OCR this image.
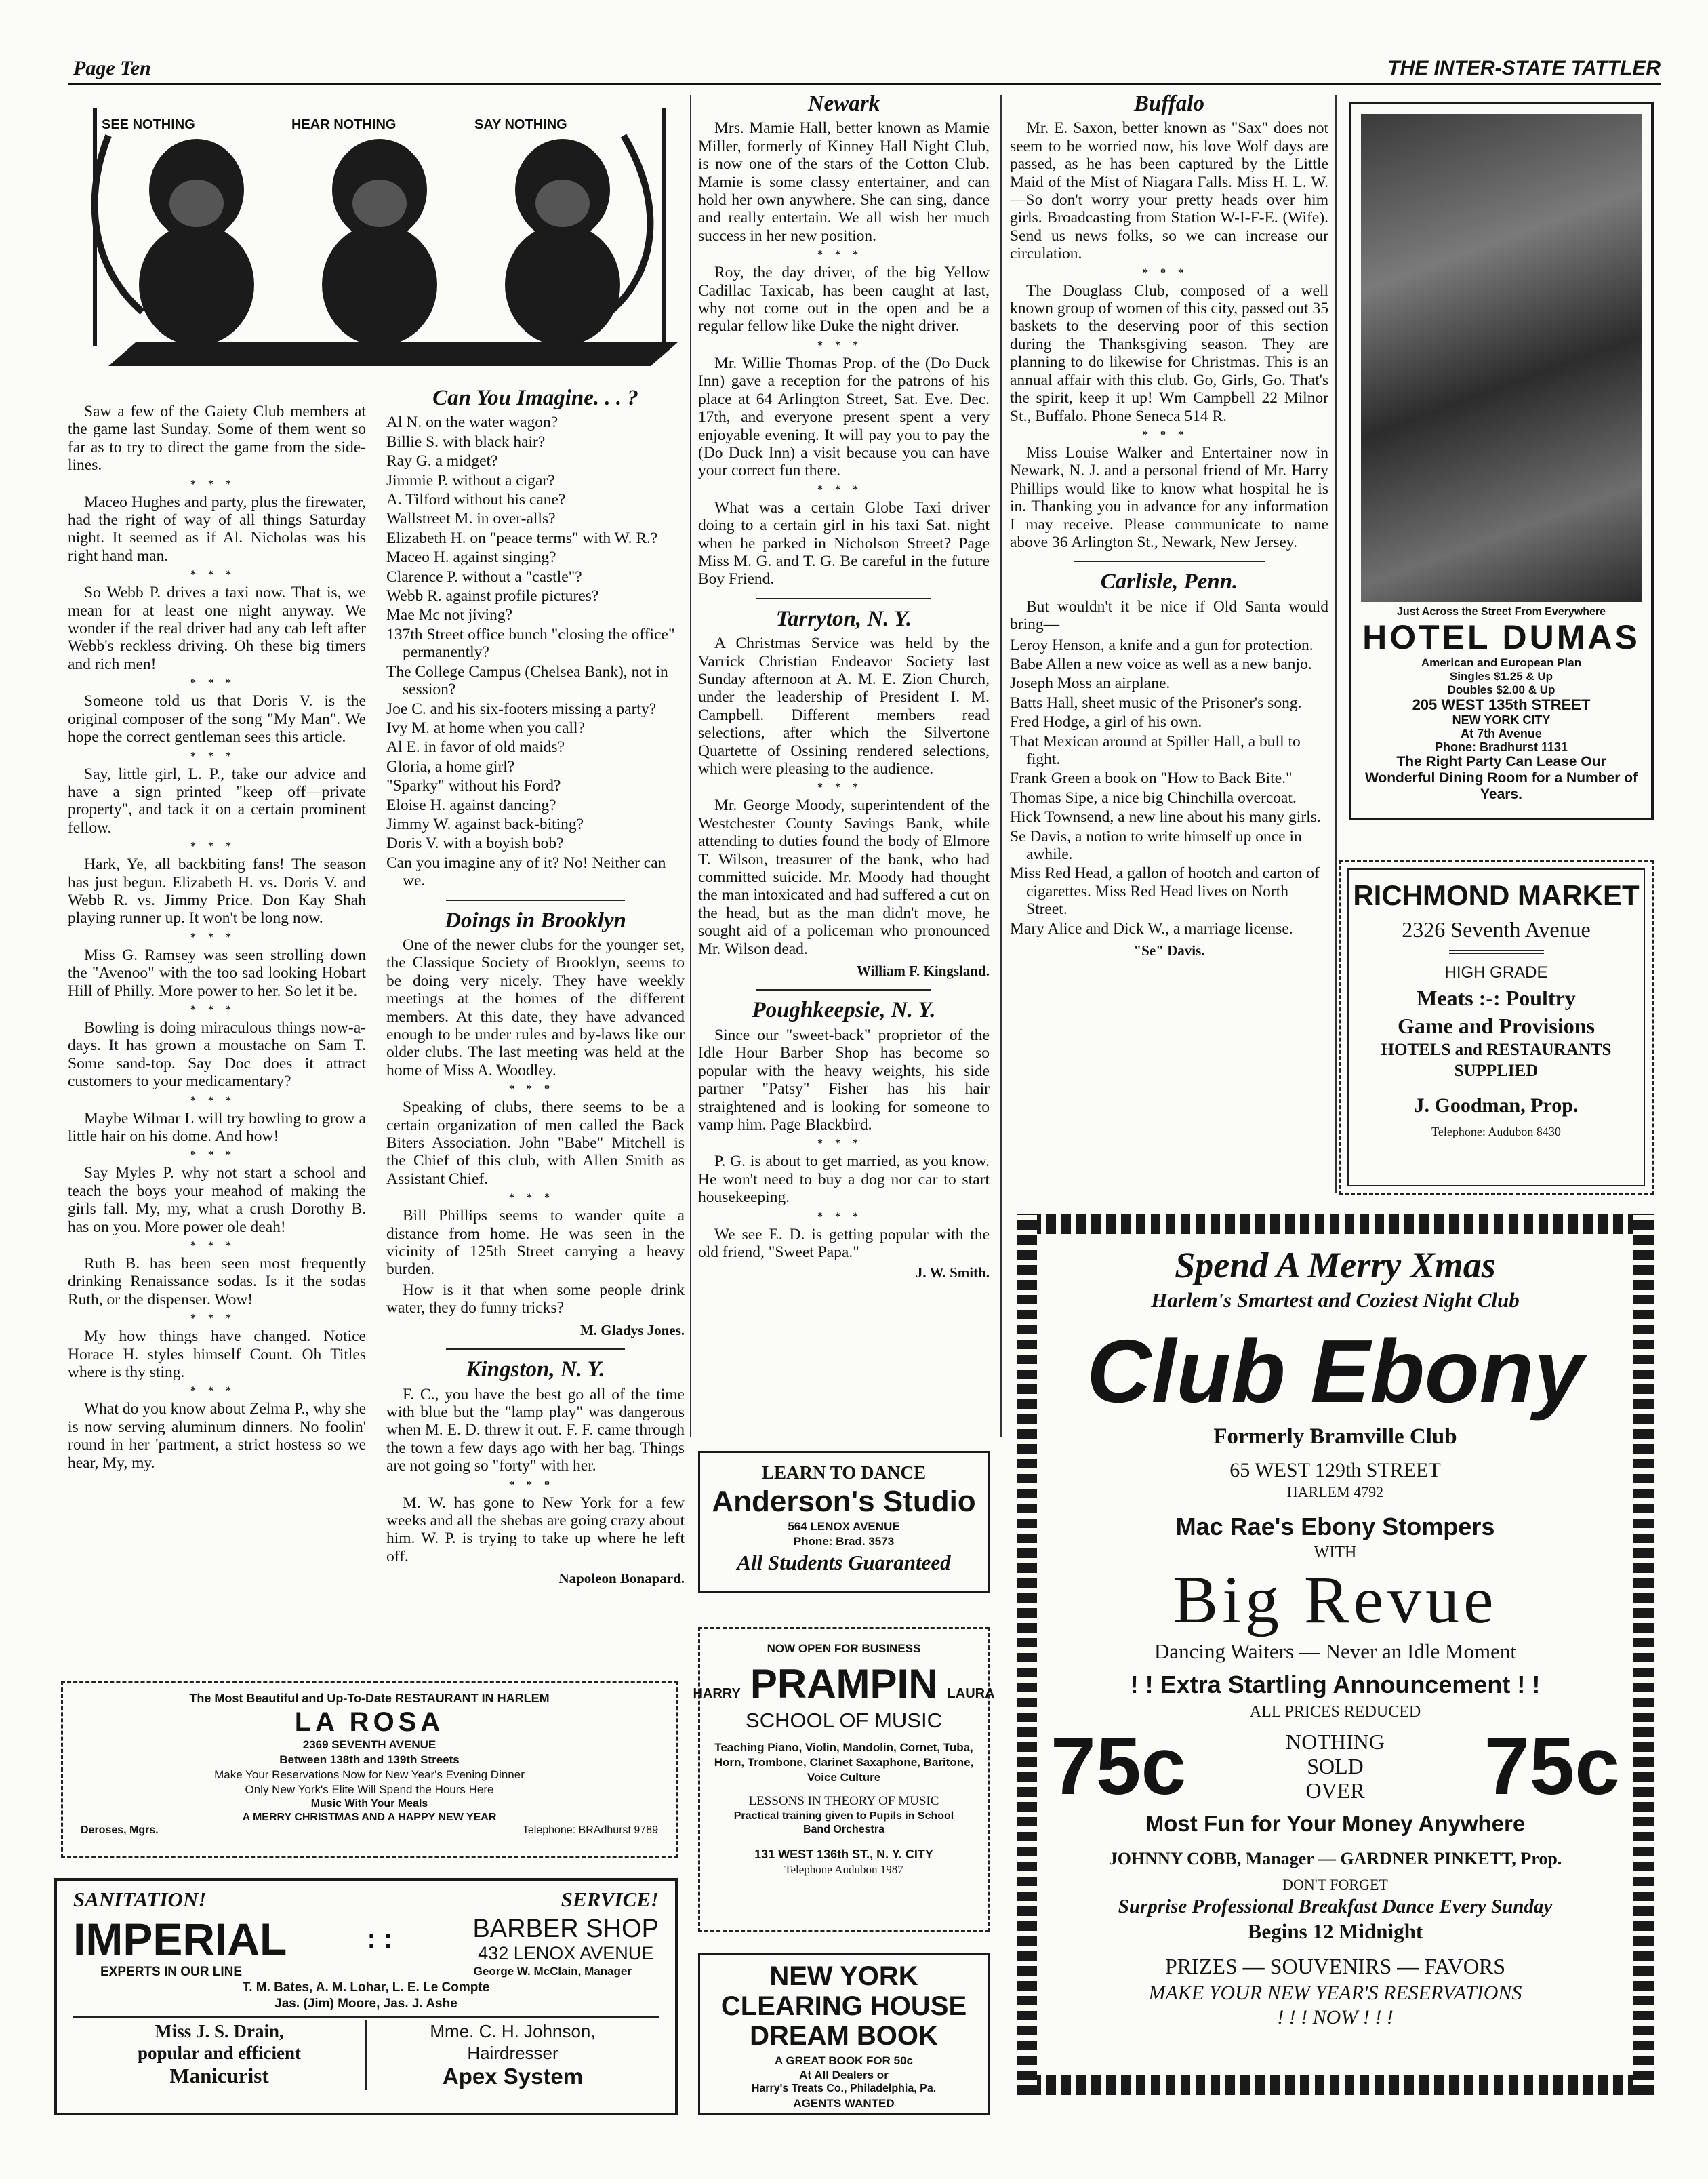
Page Ten	THE INTER-STATE TATTLER
SEE NOTHING	HEAR NOTHING	SAY NOTHING

Saw a few of the Gaiety Club members at the game last Sunday. Some of them went so far as to try to direct the game from the side-lines.

***

Maceo Hughes and party, plus the firewater, had the right of way of all things Saturday night. It seemed as if Al. Nicholas was his right hand man.

***

So Webb P. drives a taxi now. That is, we mean for at least one night anyway. We wonder if the real driver had any cab left after Webb's reckless driving. Oh these big timers and rich men!

***

Someone told us that Doris V. is the original composer of the song "My Man". We hope the correct gentleman sees this article.

***

Say, little girl, L. P., take our advice and have a sign printed "keep off—private property", and tack it on a certain prominent fellow.

***

Hark, Ye, all backbiting fans! The season has just begun. Elizabeth H. vs. Doris V. and Webb R. vs. Jimmy Price. Don Kay Shah playing runner up. It won't be long now.

***

Miss G. Ramsey was seen strolling down the "Avenoo" with the too sad looking Hobart Hill of Philly. More power to her. So let it be.

***

Bowling is doing miraculous things now-a-days. It has grown a moustache on Sam T. Some sand-top. Say Doc does it attract customers to your medicamentary?

***

Maybe Wilmar L will try bowling to grow a little hair on his dome. And how!

***

Say Myles P. why not start a school and teach the boys your meahod of making the girls fall. My, my, what a crush Dorothy B. has on you. More power ole deah!

***

Ruth B. has been seen most frequently drinking Renaissance sodas. Is it the sodas Ruth, or the dispenser. Wow!

***

My how things have changed. Notice Horace H. styles himself Count. Oh Titles where is thy sting.

***

What do you know about Zelma P., why she is now serving aluminum dinners. No foolin' round in her 'partment, a strict hostess so we hear, My, my.

Can You Imagine. . . ?

Al N. on the water wagon?

Billie S. with black hair?

Ray G. a midget?

Jimmie P. without a cigar?

A. Tilford without his cane?

Wallstreet M. in over-alls?

Elizabeth H. on "peace terms" with W. R.?

Maceo H. against singing?

Clarence P. without a "castle"?

Webb R. against profile pictures?

Mae Mc not jiving?

137th Street office bunch "closing the office" permanently?

The College Campus (Chelsea Bank), not in session?

Joe C. and his six-footers missing a party?

Ivy M. at home when you call?

Al E. in favor of old maids?

Gloria, a home girl?

"Sparky" without his Ford?

Eloise H. against dancing?

Jimmy W. against back-biting?

Doris V. with a boyish bob?

Can you imagine any of it? No! Neither can we.

Doings in Brooklyn

One of the newer clubs for the younger set, the Classique Society of Brooklyn, seems to be doing very nicely. They have weekly meetings at the homes of the different members. At this date, they have advanced enough to be under rules and by-laws like our older clubs. The last meeting was held at the home of Miss A. Woodley.

***

Speaking of clubs, there seems to be a certain organization of men called the Back Biters Association. John "Babe" Mitchell is the Chief of this club, with Allen Smith as Assistant Chief.

***

Bill Phillips seems to wander quite a distance from home. He was seen in the vicinity of 125th Street carrying a heavy burden.

How is it that when some people drink water, they do funny tricks?

M. Gladys Jones.
Kingston, N. Y.

F. C., you have the best go all of the time with blue but the "lamp play" was dangerous when M. E. D. threw it out. F. F. came through the town a few days ago with her bag. Things are not going so "forty" with her.

***

M. W. has gone to New York for a few weeks and all the shebas are going crazy about him. W. P. is trying to take up where he left off.

Napoleon Bonapard.
Newark

Mrs. Mamie Hall, better known as Mamie Miller, formerly of Kinney Hall Night Club, is now one of the stars of the Cotton Club. Mamie is some classy entertainer, and can hold her own anywhere. She can sing, dance and really entertain. We all wish her much success in her new position.

***

Roy, the day driver, of the big Yellow Cadillac Taxicab, has been caught at last, why not come out in the open and be a regular fellow like Duke the night driver.

***

Mr. Willie Thomas Prop. of the (Do Duck Inn) gave a reception for the patrons of his place at 64 Arlington Street, Sat. Eve. Dec. 17th, and everyone present spent a very enjoyable evening. It will pay you to pay the (Do Duck Inn) a visit because you can have your correct fun there.

***

What was a certain Globe Taxi driver doing to a certain girl in his taxi Sat. night when he parked in Nicholson Street? Page Miss M. G. and T. G. Be careful in the future Boy Friend.

Tarryton, N. Y.

A Christmas Service was held by the Varrick Christian Endeavor Society last Sunday afternoon at A. M. E. Zion Church, under the leadership of President I. M. Campbell. Different members read selections, after which the Silvertone Quartette of Ossining rendered selections, which were pleasing to the audience.

***

Mr. George Moody, superintendent of the Westchester County Savings Bank, while attending to duties found the body of Elmore T. Wilson, treasurer of the bank, who had committed suicide. Mr. Moody had thought the man intoxicated and had suffered a cut on the head, but as the man didn't move, he sought aid of a policeman who pronounced Mr. Wilson dead.

William F. Kingsland.
Poughkeepsie, N. Y.

Since our "sweet-back" proprietor of the Idle Hour Barber Shop has become so popular with the heavy weights, his side partner "Patsy" Fisher has his hair straightened and is looking for someone to vamp him. Page Blackbird.

***

P. G. is about to get married, as you know. He won't need to buy a dog nor car to start housekeeping.

***

We see E. D. is getting popular with the old friend, "Sweet Papa."

J. W. Smith.
Buffalo

Mr. E. Saxon, better known as "Sax" does not seem to be worried now, his love Wolf days are passed, as he has been captured by the Little Maid of the Mist of Niagara Falls. Miss H. L. W.—So don't worry your pretty heads over him girls. Broadcasting from Station W-I-F-E. (Wife). Send us news folks, so we can increase our circulation.

***

The Douglass Club, composed of a well known group of women of this city, passed out 35 baskets to the deserving poor of this section during the Thanksgiving season. They are planning to do likewise for Christmas. This is an annual affair with this club. Go, Girls, Go. That's the spirit, keep it up! Wm Campbell 22 Milnor St., Buffalo. Phone Seneca 514 R.

***

Miss Louise Walker and Entertainer now in Newark, N. J. and a personal friend of Mr. Harry Phillips would like to know what hospital he is in. Thanking you in advance for any information I may receive. Please communicate to name above 36 Arlington St., Newark, New Jersey.

Carlisle, Penn.

But wouldn't it be nice if Old Santa would bring—

Leroy Henson, a knife and a gun for protection.

Babe Allen a new voice as well as a new banjo.

Joseph Moss an airplane.

Batts Hall, sheet music of the Prisoner's song.

Fred Hodge, a girl of his own.

That Mexican around at Spiller Hall, a bull to fight.

Frank Green a book on "How to Back Bite."

Thomas Sipe, a nice big Chinchilla overcoat.

Hick Townsend, a new line about his many girls.

Se Davis, a notion to write himself up once in awhile.

Miss Red Head, a gallon of hootch and carton of cigarettes. Miss Red Head lives on North Street.

Mary Alice and Dick W., a marriage license.

"Se" Davis.
Just Across the Street From Everywhere
HOTEL DUMAS
American and European Plan
Singles $1.25 & Up
Doubles $2.00 & Up
205 WEST 135th STREET
NEW YORK CITY
At 7th Avenue
Phone: Bradhurst 1131
The Right Party Can Lease Our Wonderful Dining Room for a Number of Years.
RICHMOND MARKET
2326 Seventh Avenue
HIGH GRADE
Meats :-: Poultry
Game and Provisions
HOTELS and RESTAURANTS
SUPPLIED
J. Goodman, Prop.
Telephone: Audubon 8430
Spend A Merry Xmas
Harlem's Smartest and Coziest Night Club
Club Ebony
Formerly Bramville Club
65 WEST 129th STREET
HARLEM 4792
Mac Rae's Ebony Stompers
WITH
Big Revue
Dancing Waiters — Never an Idle Moment
! ! Extra Startling Announcement ! !
ALL PRICES REDUCED
75c	NOTHING
SOLD
OVER 75c
Most Fun for Your Money Anywhere
JOHNNY COBB, Manager — GARDNER PINKETT, Prop.
DON'T FORGET
Surprise Professional Breakfast Dance Every Sunday
Begins 12 Midnight
PRIZES — SOUVENIRS — FAVORS
MAKE YOUR NEW YEAR'S RESERVATIONS
! ! ! NOW ! ! !
LEARN TO DANCE
Anderson's Studio
564 LENOX AVENUE
Phone: Brad. 3573
All Students Guaranteed
NOW OPEN FOR BUSINESS
HARRY PRAMPIN LAURA
SCHOOL OF MUSIC
Teaching Piano, Violin, Mandolin, Cornet, Tuba, Horn, Trombone, Clarinet Saxaphone, Baritone, Voice Culture
LESSONS IN THEORY OF MUSIC
Practical training given to Pupils in School Band Orchestra
131 WEST 136th ST., N. Y. CITY
Telephone Audubon 1987
NEW YORK
CLEARING HOUSE
DREAM BOOK
A GREAT BOOK FOR 50c
At All Dealers or
Harry's Treats Co., Philadelphia, Pa.
AGENTS WANTED
The Most Beautiful and Up-To-Date RESTAURANT IN HARLEM
LA ROSA
2369 SEVENTH AVENUE
Between 138th and 139th Streets
Make Your Reservations Now for New Year's Evening Dinner
Only New York's Elite Will Spend the Hours Here
Music With Your Meals
A MERRY CHRISTMAS AND A HAPPY NEW YEAR
Deroses, Mgrs.	Telephone: BRAdhurst 9789
SANITATION!	SERVICE!
IMPERIAL	: :	BARBER SHOP
432 LENOX AVENUE
EXPERTS IN OUR LINE	George W. McClain, Manager
T. M. Bates, A. M. Lohar, L. E. Le Compte
Jas. (Jim) Moore, Jas. J. Ashe
Miss J. S. Drain,
popular and efficient
Manicurist
Mme. C. H. Johnson,
Hairdresser
Apex System
